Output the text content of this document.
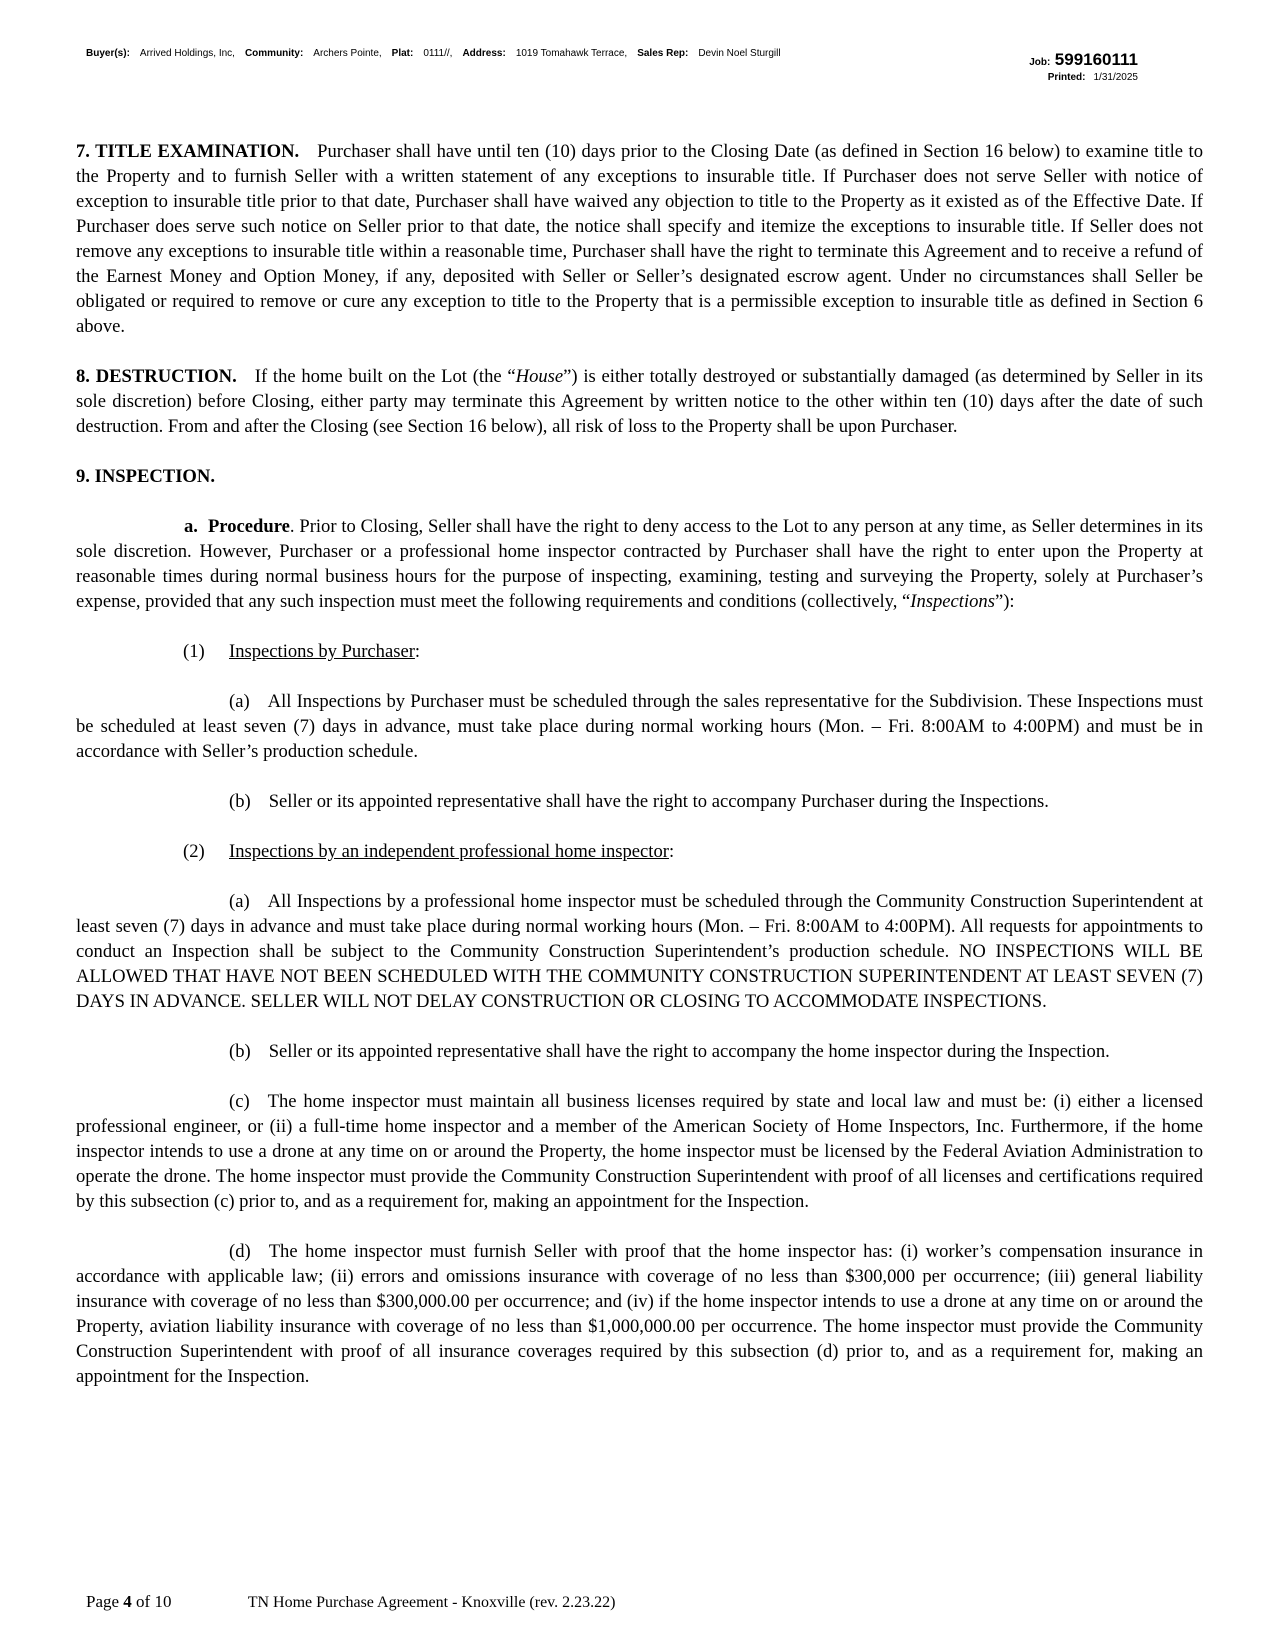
Buyer(s): Arrived Holdings, Inc, Community: Archers Pointe, Plat: 0111//, Address: 1019 Tomahawk Terrace, Sales Rep: Devin Noel Sturgill
Job: 599160111
Printed: 1/31/2025

7. TITLE EXAMINATION. Purchaser shall have until ten (10) days prior to the Closing Date (as defined in Section 16 below) to examine title to the Property and to furnish Seller with a written statement of any exceptions to insurable title. If Purchaser does not serve Seller with notice of exception to insurable title prior to that date, Purchaser shall have waived any objection to title to the Property as it existed as of the Effective Date. If Purchaser does serve such notice on Seller prior to that date, the notice shall specify and itemize the exceptions to insurable title. If Seller does not remove any exceptions to insurable title within a reasonable time, Purchaser shall have the right to terminate this Agreement and to receive a refund of the Earnest Money and Option Money, if any, deposited with Seller or Seller’s designated escrow agent. Under no circumstances shall Seller be obligated or required to remove or cure any exception to title to the Property that is a permissible exception to insurable title as defined in Section 6 above.

8. DESTRUCTION. If the home built on the Lot (the “House”) is either totally destroyed or substantially damaged (as determined by Seller in its sole discretion) before Closing, either party may terminate this Agreement by written notice to the other within ten (10) days after the date of such destruction. From and after the Closing (see Section 16 below), all risk of loss to the Property shall be upon Purchaser.

9. INSPECTION.

a. Procedure. Prior to Closing, Seller shall have the right to deny access to the Lot to any person at any time, as Seller determines in its sole discretion. However, Purchaser or a professional home inspector contracted by Purchaser shall have the right to enter upon the Property at reasonable times during normal business hours for the purpose of inspecting, examining, testing and surveying the Property, solely at Purchaser’s expense, provided that any such inspection must meet the following requirements and conditions (collectively, “Inspections”):

(1) Inspections by Purchaser:

(a) All Inspections by Purchaser must be scheduled through the sales representative for the Subdivision. These Inspections must be scheduled at least seven (7) days in advance, must take place during normal working hours (Mon. – Fri. 8:00AM to 4:00PM) and must be in accordance with Seller’s production schedule.

(b) Seller or its appointed representative shall have the right to accompany Purchaser during the Inspections.

(2) Inspections by an independent professional home inspector:

(a) All Inspections by a professional home inspector must be scheduled through the Community Construction Superintendent at least seven (7) days in advance and must take place during normal working hours (Mon. – Fri. 8:00AM to 4:00PM). All requests for appointments to conduct an Inspection shall be subject to the Community Construction Superintendent’s production schedule. NO INSPECTIONS WILL BE ALLOWED THAT HAVE NOT BEEN SCHEDULED WITH THE COMMUNITY CONSTRUCTION SUPERINTENDENT AT LEAST SEVEN (7) DAYS IN ADVANCE. SELLER WILL NOT DELAY CONSTRUCTION OR CLOSING TO ACCOMMODATE INSPECTIONS.

(b) Seller or its appointed representative shall have the right to accompany the home inspector during the Inspection.

(c) The home inspector must maintain all business licenses required by state and local law and must be: (i) either a licensed professional engineer, or (ii) a full-time home inspector and a member of the American Society of Home Inspectors, Inc. Furthermore, if the home inspector intends to use a drone at any time on or around the Property, the home inspector must be licensed by the Federal Aviation Administration to operate the drone. The home inspector must provide the Community Construction Superintendent with proof of all licenses and certifications required by this subsection (c) prior to, and as a requirement for, making an appointment for the Inspection.

(d) The home inspector must furnish Seller with proof that the home inspector has: (i) worker’s compensation insurance in accordance with applicable law; (ii) errors and omissions insurance with coverage of no less than $300,000 per occurrence; (iii) general liability insurance with coverage of no less than $300,000.00 per occurrence; and (iv) if the home inspector intends to use a drone at any time on or around the Property, aviation liability insurance with coverage of no less than $1,000,000.00 per occurrence. The home inspector must provide the Community Construction Superintendent with proof of all insurance coverages required by this subsection (d) prior to, and as a requirement for, making an appointment for the Inspection.

Page 4 of 10	TN Home Purchase Agreement - Knoxville (rev. 2.23.22)
